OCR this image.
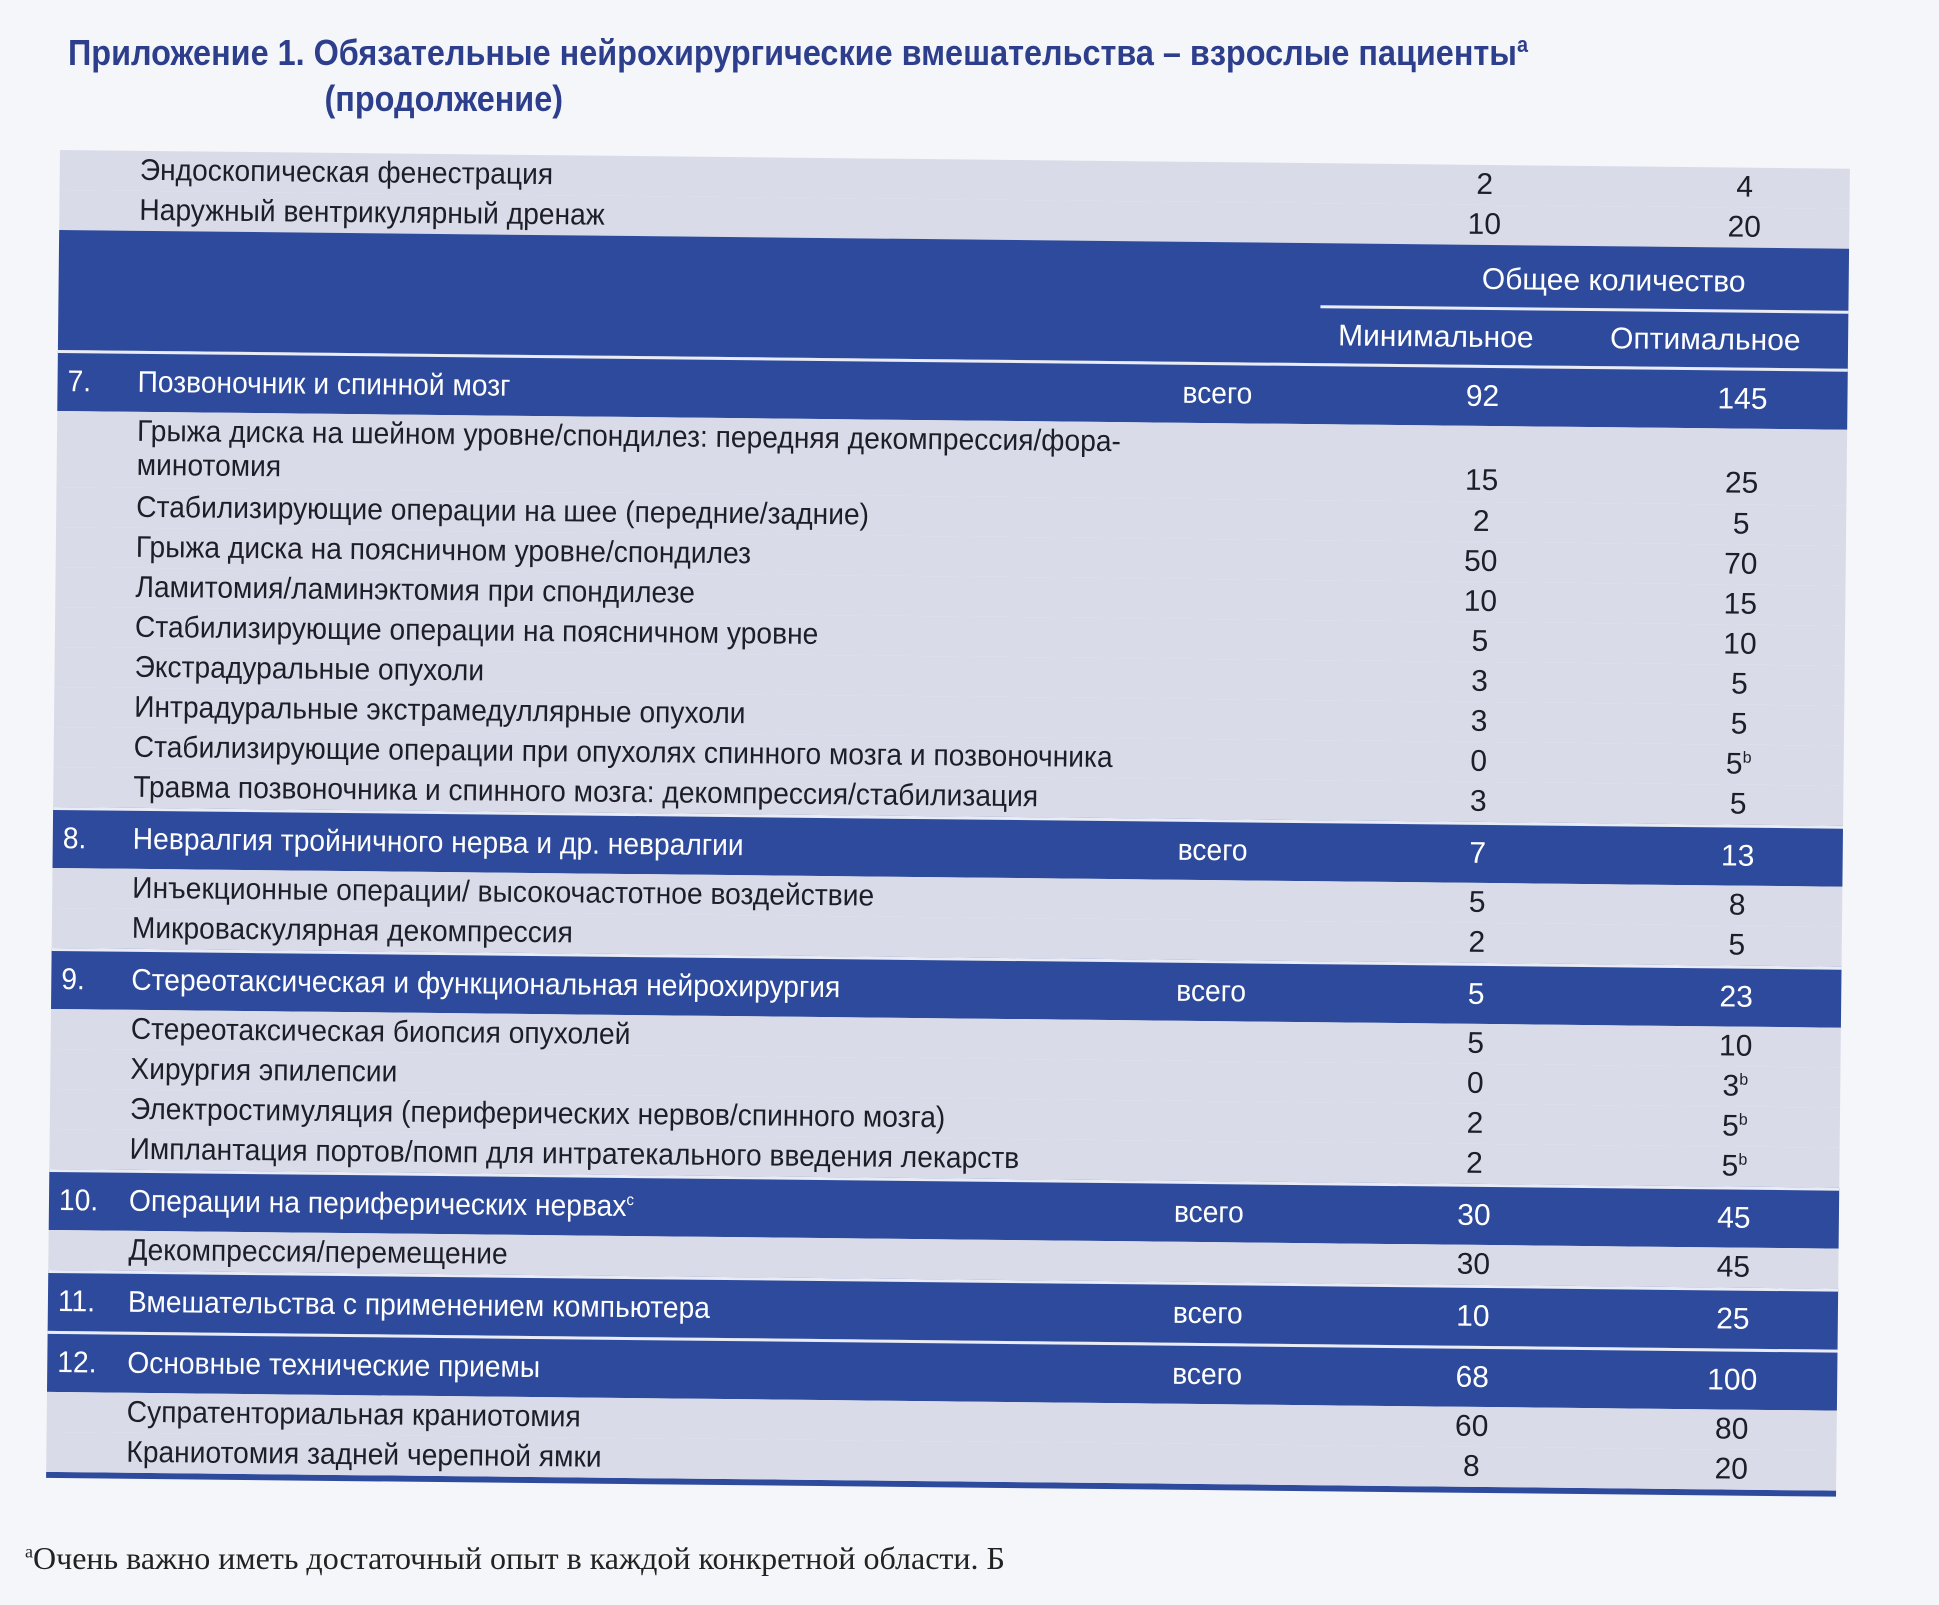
Приложение 1. Обязательные нейрохирургические вмешательства – взрослые пациенты$^a$
(продолжение)
Эндоскопическая фенестрация	2	4
Наружный вентрикулярный дренаж	10	20
Общее количество
Минимальное	Оптимальное
7. Позвоночник и спинной мозг	всего	92	145
Грыжа диска на шейном уровне/спондилез: передняя декомпрессия/фора-
минотомия	15	25
Стабилизирующие операции на шее (передние/задние)	2	5
Грыжа диска на поясничном уровне/спондилез	50	70
Ламитомия/ламинэктомия при спондилезе	10	15
Стабилизирующие операции на поясничном уровне	5	10
Экстрадуральные опухоли	3	5
Интрадуральные экстрамедуллярные опухоли	3	5
Стабилизирующие операции при опухолях спинного мозга и позвоночника	0	5$^b$
Травма позвоночника и спинного мозга: декомпрессия/стабилизация	3	5
8. Невралгия тройничного нерва и др. невралгии	всего	7	13
Инъекционные операции/ высокочастотное воздействие	5	8
Микроваскулярная декомпрессия	2	5
9. Стереотаксическая и функциональная нейрохирургия	всего	5	23
Стереотаксическая биопсия опухолей	5	10
Хирургия эпилепсии	0	3$^b$
Электростимуляция (периферических нервов/спинного мозга)	2	5$^b$
Имплантация портов/помп для интратекального введения лекарств	2	5$^b$
10. Операции на периферических нервах$^c$	всего	30	45
Декомпрессия/перемещение	30	45
11. Вмешательства с применением компьютера	всего	10	25
12. Основные технические приемы	всего	68	100
Супратенториальная краниотомия	60	80
Краниотомия задней черепной ямки	8	20
$^a$Очень важно иметь достаточный опыт в каждой конкретной области. Б
